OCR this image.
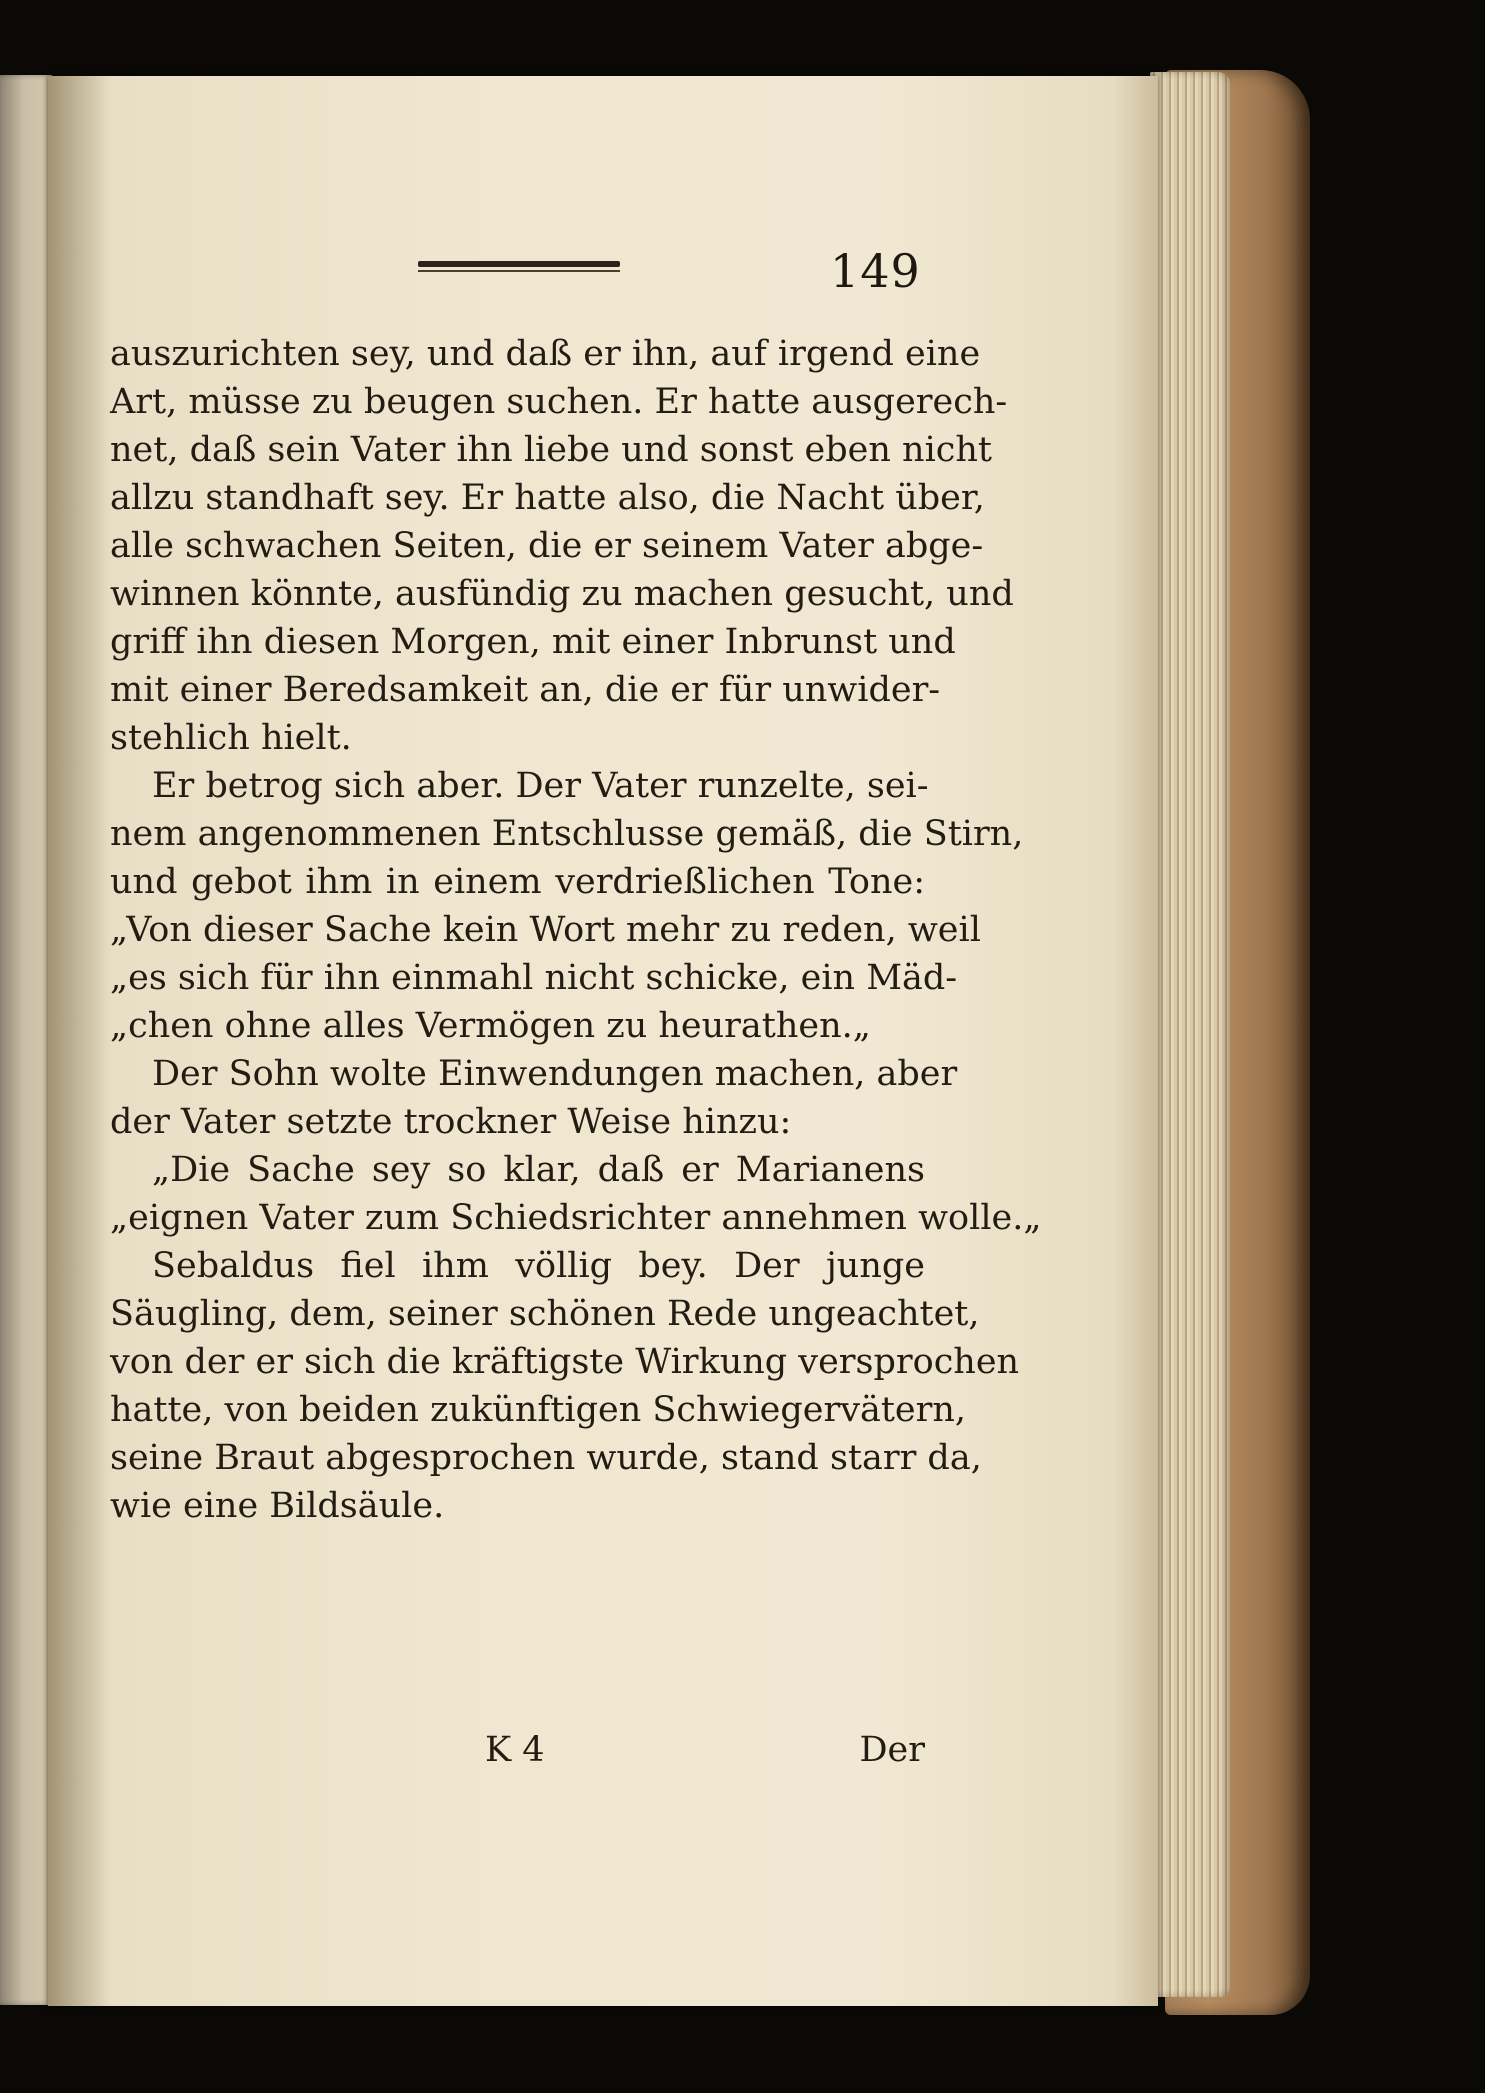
149
auszurichten sey, und daß er ihn, auf irgend eine
Art, müsse zu beugen suchen. Er hatte ausgerech-
net, daß sein Vater ihn liebe und sonst eben nicht
allzu standhaft sey. Er hatte also, die Nacht über,
alle schwachen Seiten, die er seinem Vater abge-
winnen könnte, ausfündig zu machen gesucht, und
griff ihn diesen Morgen, mit einer Inbrunst und
mit einer Beredsamkeit an, die er für unwider-
stehlich hielt.
Er betrog sich aber. Der Vater runzelte, sei-
nem angenommenen Entschlusse gemäß, die Stirn,
und gebot ihm in einem verdrießlichen Tone:
„Von dieser Sache kein Wort mehr zu reden, weil
„es sich für ihn einmahl nicht schicke, ein Mäd-
„chen ohne alles Vermögen zu heurathen.„
Der Sohn wolte Einwendungen machen, aber
der Vater setzte trockner Weise hinzu:
„Die Sache sey so klar, daß er Marianens
„eignen Vater zum Schiedsrichter annehmen wolle.„
Sebaldus fiel ihm völlig bey. Der junge
Säugling, dem, seiner schönen Rede ungeachtet,
von der er sich die kräftigste Wirkung versprochen
hatte, von beiden zukünftigen Schwiegervätern,
seine Braut abgesprochen wurde, stand starr da,
wie eine Bildsäule.
K 4	Der
